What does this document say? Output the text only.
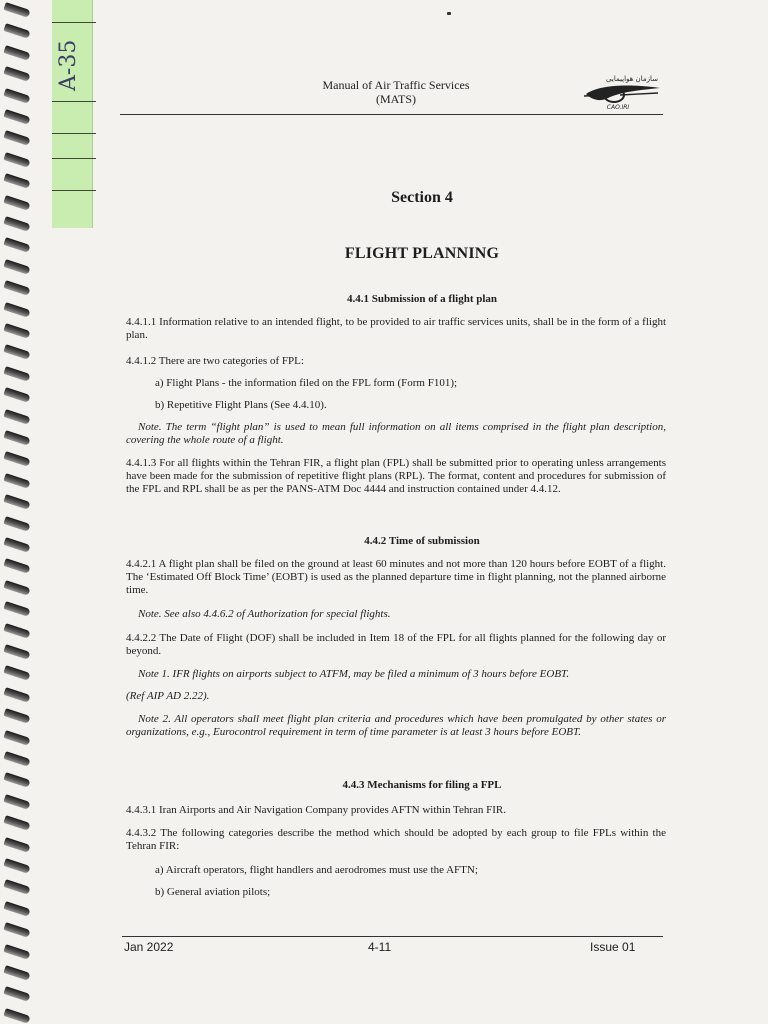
A-35	Manual of Air Traffic Services
(MATS)
سازمان هواپیمایی
CAO.IRI
Section 4
FLIGHT PLANNING
4.4.1 Submission of a flight plan
4.4.1.1 Information relative to an intended flight, to be provided to air traffic services units, shall be in the form of a flight plan.
4.4.1.2 There are two categories of FPL:
a) Flight Plans - the information filed on the FPL form (Form F101);
b) Repetitive Flight Plans (See 4.4.10).
Note. The term “flight plan” is used to mean full information on all items comprised in the flight plan description, covering the whole route of a flight.
4.4.1.3 For all flights within the Tehran FIR, a flight plan (FPL) shall be submitted prior to operating unless arrangements have been made for the submission of repetitive flight plans (RPL). The format, content and procedures for submission of the FPL and RPL shall be as per the PANS-ATM Doc 4444 and instruction contained under 4.4.12.
4.4.2 Time of submission
4.4.2.1 A flight plan shall be filed on the ground at least 60 minutes and not more than 120 hours before EOBT of a flight. The ‘Estimated Off Block Time’ (EOBT) is used as the planned departure time in flight planning, not the planned airborne time.
Note. See also 4.4.6.2 of Authorization for special flights.
4.4.2.2 The Date of Flight (DOF) shall be included in Item 18 of the FPL for all flights planned for the following day or beyond.
Note 1. IFR flights on airports subject to ATFM, may be filed a minimum of 3 hours before EOBT.
(Ref AIP AD 2.22).
Note 2. All operators shall meet flight plan criteria and procedures which have been promulgated by other states or organizations, e.g., Eurocontrol requirement in term of time parameter is at least 3 hours before EOBT.
4.4.3 Mechanisms for filing a FPL
4.4.3.1 Iran Airports and Air Navigation Company provides AFTN within Tehran FIR.
4.4.3.2 The following categories describe the method which should be adopted by each group to file FPLs within the Tehran FIR:
a) Aircraft operators, flight handlers and aerodromes must use the AFTN;
b) General aviation pilots;
Jan 2022	4-11	Issue 01
